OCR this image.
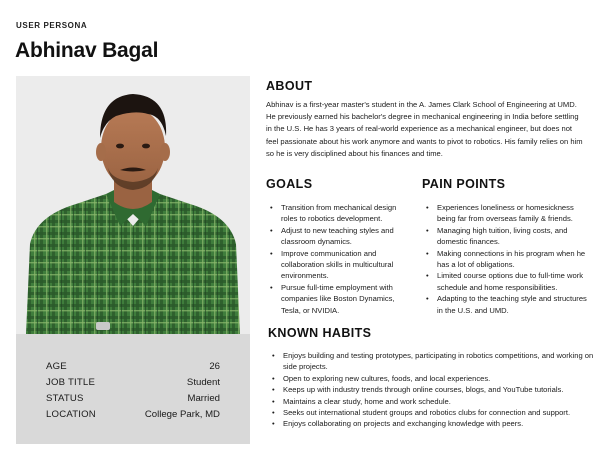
USER PERSONA
Abhinav Bagal
AGE	26
JOB TITLE	Student
STATUS	Married
LOCATION	College Park, MD
ABOUT
Abhinav is a first-year master's student in the A. James Clark School of Engineering at UMD. He previously earned his bachelor's degree in mechanical engineering in India before settling in the U.S. He has 3 years of real-world experience as a mechanical engineer, but does not feel passionate about his work anymore and wants to pivot to robotics. His family relies on him so he is very disciplined about his finances and time.
GOALS
• Transition from mechanical design roles to robotics development.
• Adjust to new teaching styles and classroom dynamics.
• Improve communication and collaboration skills in multicultural environments.
• Pursue full-time employment with companies like Boston Dynamics, Tesla, or NVIDIA.
PAIN POINTS
• Experiences loneliness or homesickness being far from overseas family & friends.
• Managing high tuition, living costs, and domestic finances.
• Making connections in his program when he has a lot of obligations.
• Limited course options due to full-time work schedule and home responsibilities.
• Adapting to the teaching style and structures in the U.S. and UMD.
KNOWN HABITS
• Enjoys building and testing prototypes, participating in robotics competitions, and working on side projects.
• Open to exploring new cultures, foods, and local experiences.
• Keeps up with industry trends through online courses, blogs, and YouTube tutorials.
• Maintains a clear study, home and work schedule.
• Seeks out international student groups and robotics clubs for connection and support.
• Enjoys collaborating on projects and exchanging knowledge with peers.
